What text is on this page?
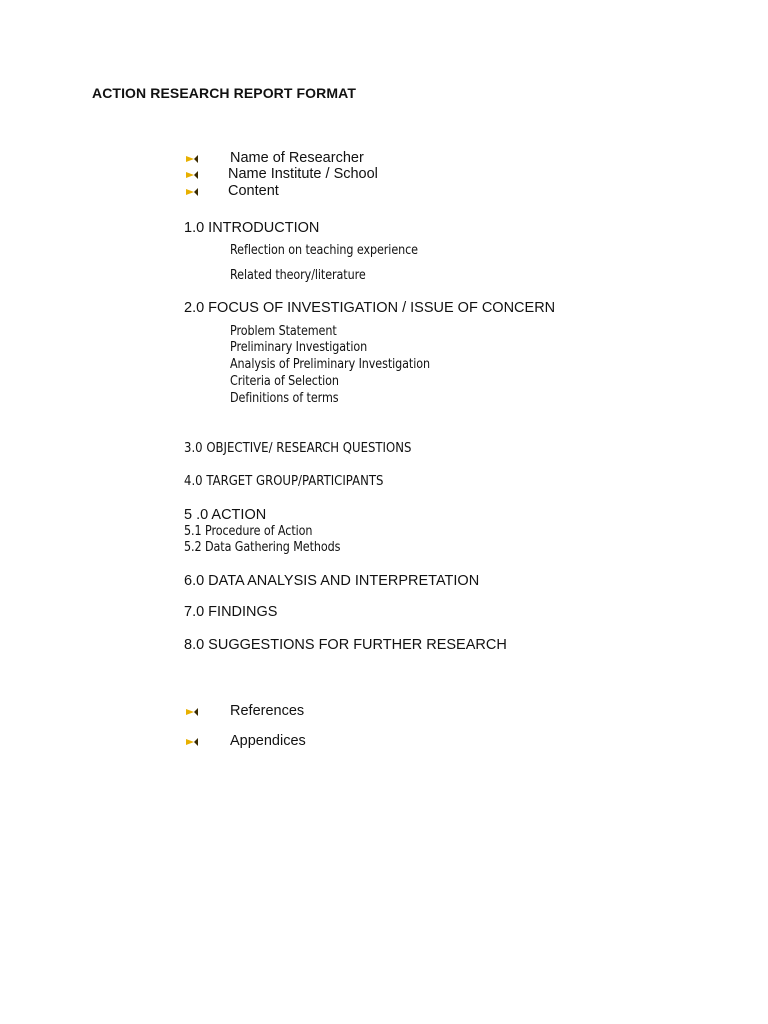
ACTION RESEARCH REPORT FORMAT
Name of Researcher
Name Institute / School
Content
1.0 INTRODUCTION
Reflection on teaching experience
Related theory/literature
2.0 FOCUS OF INVESTIGATION / ISSUE OF CONCERN
Problem Statement
Preliminary Investigation
Analysis of Preliminary Investigation
Criteria of Selection
Definitions of terms
3.0 OBJECTIVE/ RESEARCH QUESTIONS
4.0 TARGET GROUP/PARTICIPANTS
5 .0 ACTION
5.1 Procedure of Action
5.2 Data Gathering Methods
6.0 DATA ANALYSIS AND INTERPRETATION
7.0 FINDINGS
8.0 SUGGESTIONS FOR FURTHER RESEARCH
References
Appendices
